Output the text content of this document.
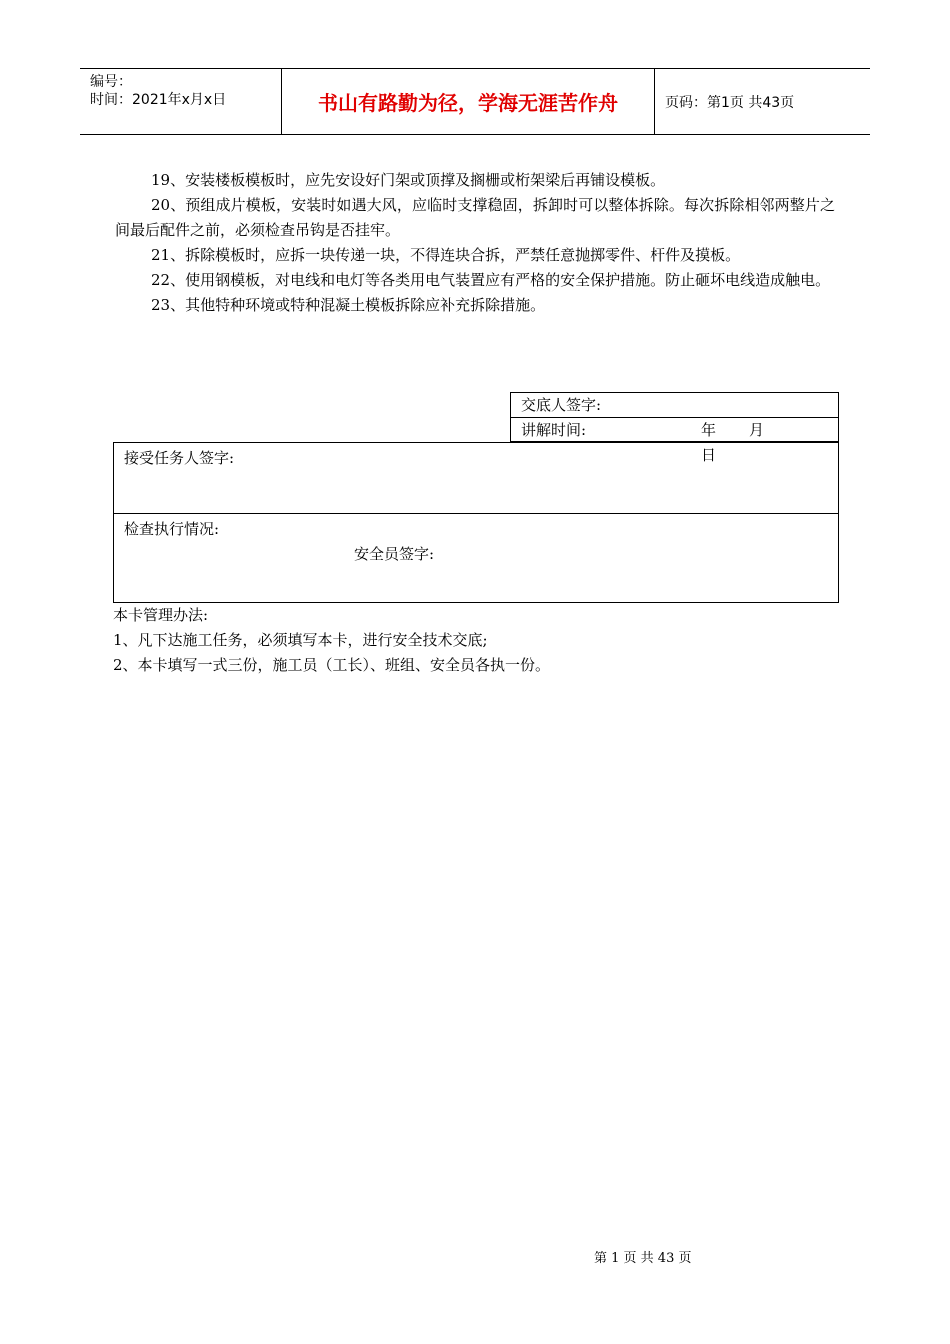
编号：
时间：2021年x月x日	书山有路勤为径，学海无涯苦作舟	页码：第1页 共43页

19、安装楼板模板时，应先安设好门架或顶撑及搁栅或桁架梁后再铺设模板。

20、预组成片模板，安装时如遇大风，应临时支撑稳固，拆卸时可以整体拆除。每次拆除相邻两整片之间最后配件之前，必须检查吊钩是否挂牢。

21、拆除模板时，应拆一块传递一块，不得连块合拆，严禁任意抛掷零件、杆件及摸板。

22、使用钢模板，对电线和电灯等各类用电气装置应有严格的安全保护措施。防止砸坏电线造成触电。

23、其他特种环境或特种混凝土模板拆除应补充拆除措施。

交底人签字:
讲解时间:	年 月日
接受任务人签字:
检查执行情况:
安全员签字:
本卡管理办法:
1、凡下达施工任务，必须填写本卡，进行安全技术交底;
2、本卡填写一式三份，施工员（工长）、班组、安全员各执一份。
第 1 页 共 43 页
